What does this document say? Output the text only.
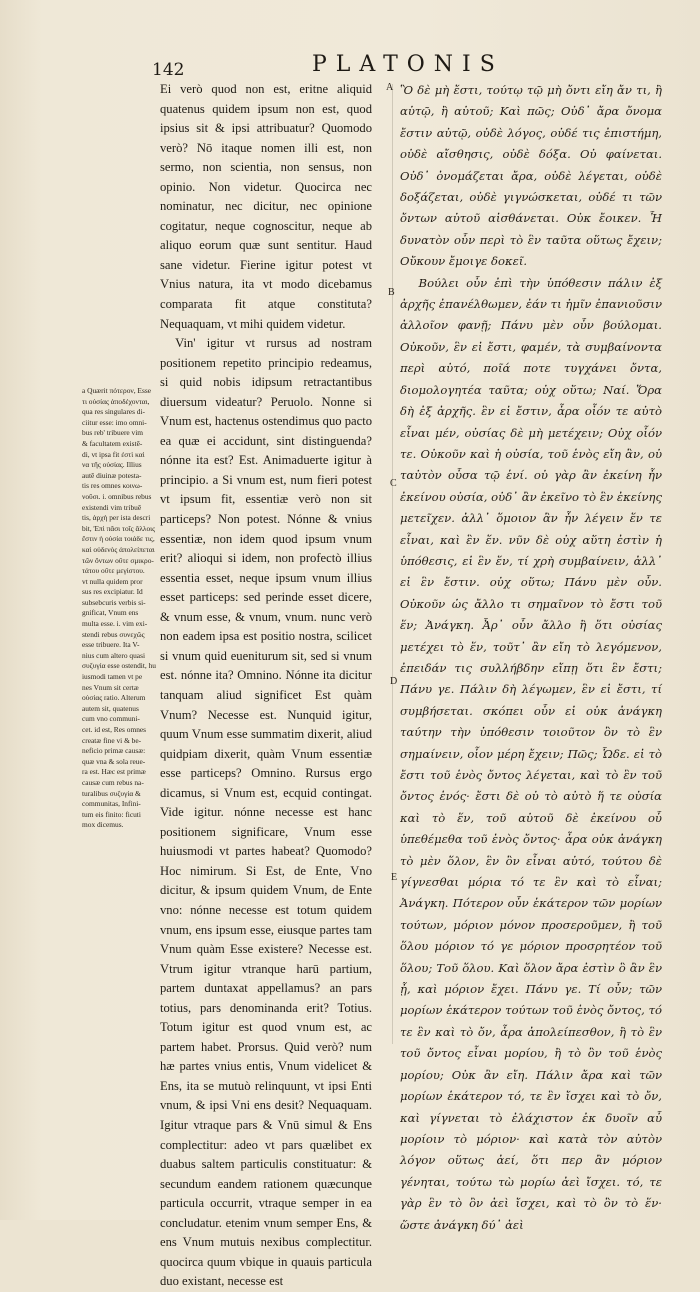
142	PLATONIS
a Quærit πότερον, Esse
τι οὐσίας ἀποδέχονται,
qua res singulares di-
ciitur esse: imo omni-
bus reb' tribuere vim
& facultatem existē-
di, vt ipsa fit ἐστὶ καὶ
να τῆς οὐσίας. Illius
autē diuinæ potesta-
tis res omnes κοινω-
νοῦσι. i. omnibus rebus
existendi vim tribuē
tis, ἀρχὴ per ista descri
bit, Ἐπὶ πᾶσι τοῖς ἄλλοις
ἔστιν ἡ οὐσία τοιάδε τις,
καὶ οὐδενὸς ἀπολείπεται
τῶν ὄντων οὔτε σμικρο-
τάτου οὔτε μεγίστου.
vt nulla quidem pror
sus res excipiatur. Id
subsebcuris verbis si-
gnificat, Vnum ens
multa esse. i. vim exi-
stendi rebus συνεχῶς
esse tribuere. Ita V-
nius cum altero quasi
συζυγία esse ostendit, hu
iusmodi tamen vt pe
nes Vnum sit certæ
οὐσίας ratio. Alterum
autem sit, quatenus
cum vno communi-
cet. id est, Res omnes
creatæ fine vi & be-
neficio primæ causæ:
quæ vna & sola reue-
ra est. Hæc est primæ
causæ cum rebus na-
turalibus συζυγία &
communitas, Infini-
tum eis finito: ficuti
mox dicemus.

Ei verò quod non est, eritne aliquid quatenus quidem ipsum non est, quod ipsius sit & ipsi attribuatur? Quomodo verò? Nō itaque nomen illi est, non sermo, non scientia, non sensus, non opinio. Non videtur. Quocirca nec nominatur, nec dicitur, nec opinione cogitatur, neque cognoscitur, neque ab aliquo eorum quæ sunt sentitur. Haud sane videtur. Fierine igitur potest vt Vnius natura, ita vt modo dicebamus comparata fit atque constituta? Nequaquam, vt mihi quidem videtur.

Vin' igitur vt rursus ad nostram positionem repetito principio redeamus, si quid nobis idipsum retractantibus diuersum videatur? Peruolo. Nonne si Vnum est, hactenus ostendimus quo pacto ea quæ ei accidunt, sint distinguenda? nónne ita est? Est. Animaduerte igitur à principio. a Si vnum est, num fieri potest vt ipsum fit, essentiæ verò non sit particeps? Non potest. Nónne & vnius essentiæ, non idem quod ipsum vnum erit? alioqui si idem, non profectò illius essentia esset, neque ipsum vnum illius esset particeps: sed perinde esset dicere, & vnum esse, & vnum, vnum. nunc verò non eadem ipsa est positio nostra, scilicet si vnum quid eueniturum sit, sed si vnum est. nónne ita? Omnino. Nónne ita dicitur tanquam aliud significet Est quàm Vnum? Necesse est. Nunquid igitur, quum Vnum esse summatim dixerit, aliud quidpiam dixerit, quàm Vnum essentiæ esse particeps? Omnino. Rursus ergo dicamus, si Vnum est, ecquid contingat. Vide igitur. nónne necesse est hanc positionem significare, Vnum esse huiusmodi vt partes habeat? Quomodo? Hoc nimirum. Si Est, de Ente, Vno dicitur, & ipsum quidem Vnum, de Ente vno: nónne necesse est totum quidem vnum, ens ipsum esse, eiusque partes tam Vnum quàm Esse existere? Necesse est. Vtrum igitur vtranque harū partium, partem duntaxat appellamus? an pars totius, pars denominanda erit? Totius. Totum igitur est quod vnum est, ac partem habet. Prorsus. Quid verò? num hæ partes vnius entis, Vnum videlicet & Ens, ita se mutuò relinquunt, vt ipsi Enti vnum, & ipsi Vni ens desit? Nequaquam. Igitur vtraque pars & Vnū simul & Ens complectitur: adeo vt pars quælibet ex duabus saltem particulis constituatur: & secundum eandem rationem quæcunque particula occurrit, vtraque semper in ea concludatur. etenim vnum semper Ens, & ens Vnum mutuis nexibus complectitur. quocirca quum vbique in quauis particula duo existant, necesse est

A
B
C
D
E

Ὃ δὲ μὴ ἔστι, τούτῳ τῷ μὴ ὄντι εἴη ἄν τι, ἢ αὐτῷ, ἢ αὐτοῦ; Καὶ πῶς; Οὐδ᾽ ἄρα ὄνομα ἔστιν αὐτῷ, οὐδὲ λόγος, οὐδέ τις ἐπιστήμη, οὐδὲ αἴσθησις, οὐδὲ δόξα. Οὐ φαίνεται. Οὐδ᾽ ὀνομάζεται ἄρα, οὐδὲ λέγεται, οὐδὲ δοξάζεται, οὐδὲ γιγνώσκεται, οὐδέ τι τῶν ὄντων αὐτοῦ αἰσθάνεται. Οὐκ ἔοικεν. Ἦ δυνατὸν οὖν περὶ τὸ ἓν ταῦτα οὕτως ἔχειν; Οὔκουν ἔμοιγε δοκεῖ.

Βούλει οὖν ἐπὶ τὴν ὑπόθεσιν πάλιν ἐξ ἀρχῆς ἐπανέλθωμεν, ἐάν τι ἡμῖν ἐπανιοῦσιν ἀλλοῖον φανῇ; Πάνυ μὲν οὖν βούλομαι. Οὐκοῦν, ἓν εἰ ἔστι, φαμέν, τὰ συμβαίνοντα περὶ αὐτό, ποῖά ποτε τυγχάνει ὄντα, διομολογητέα ταῦτα; οὐχ οὕτω; Ναί. Ὅρα δὴ ἐξ ἀρχῆς. ἓν εἰ ἔστιν, ἆρα οἷόν τε αὐτὸ εἶναι μέν, οὐσίας δὲ μὴ μετέχειν; Οὐχ οἷόν τε. Οὐκοῦν καὶ ἡ οὐσία, τοῦ ἑνὸς εἴη ἂν, οὐ ταὐτὸν οὖσα τῷ ἑνί. οὐ γὰρ ἂν ἐκείνη ἦν ἐκείνου οὐσία, οὐδ᾽ ἂν ἐκεῖνο τὸ ἓν ἐκείνης μετεῖχεν. ἀλλ᾽ ὅμοιον ἂν ἦν λέγειν ἕν τε εἶναι, καὶ ἓν ἕν. νῦν δὲ οὐχ αὕτη ἐστὶν ἡ ὑπόθεσις, εἰ ἓν ἕν, τί χρὴ συμβαίνειν, ἀλλ᾽ εἰ ἓν ἔστιν. οὐχ οὕτω; Πάνυ μὲν οὖν. Οὐκοῦν ὡς ἄλλο τι σημαῖνον τὸ ἔστι τοῦ ἕν; Ἀνάγκη. Ἆρ᾽ οὖν ἄλλο ἢ ὅτι οὐσίας μετέχει τὸ ἕν, τοῦτ᾽ ἂν εἴη τὸ λεγόμενον, ἐπειδάν τις συλλήβδην εἴπῃ ὅτι ἓν ἔστι; Πάνυ γε. Πάλιν δὴ λέγωμεν, ἓν εἰ ἔστι, τί συμβήσεται. σκόπει οὖν εἰ οὐκ ἀνάγκη ταύτην τὴν ὑπόθεσιν τοιοῦτον ὂν τὸ ἓν σημαίνειν, οἷον μέρη ἔχειν; Πῶς; Ὧδε. εἰ τὸ ἔστι τοῦ ἑνὸς ὄντος λέγεται, καὶ τὸ ἓν τοῦ ὄντος ἑνός· ἔστι δὲ οὐ τὸ αὐτὸ ἥ τε οὐσία καὶ τὸ ἕν, τοῦ αὐτοῦ δὲ ἐκείνου οὗ ὑπεθέμεθα τοῦ ἑνὸς ὄντος· ἆρα οὐκ ἀνάγκη τὸ μὲν ὅλον, ἓν ὂν εἶναι αὐτό, τούτου δὲ γίγνεσθαι μόρια τό τε ἓν καὶ τὸ εἶναι; Ἀνάγκη. Πότερον οὖν ἑκάτερον τῶν μορίων τούτων, μόριον μόνον προσεροῦμεν, ἢ τοῦ ὅλου μόριον τό γε μόριον προσρητέον τοῦ ὅλου; Τοῦ ὅλου. Καὶ ὅλον ἄρα ἐστὶν ὃ ἂν ἓν ᾖ, καὶ μόριον ἔχει. Πάνυ γε. Τί οὖν; τῶν μορίων ἑκάτερον τούτων τοῦ ἑνὸς ὄντος, τό τε ἓν καὶ τὸ ὄν, ἆρα ἀπολείπεσθον, ἢ τὸ ἓν τοῦ ὄντος εἶναι μορίου, ἢ τὸ ὂν τοῦ ἑνὸς μορίου; Οὐκ ἂν εἴη. Πάλιν ἄρα καὶ τῶν μορίων ἑκάτερον τό, τε ἓν ἴσχει καὶ τὸ ὄν, καὶ γίγνεται τὸ ἐλάχιστον ἐκ δυοῖν αὖ μορίοιν τὸ μόριον· καὶ κατὰ τὸν αὐτὸν λόγον οὕτως ἀεί, ὅτι περ ἂν μόριον γένηται, τούτω τὼ μορίω ἀεὶ ἴσχει. τό, τε γὰρ ἓν τὸ ὂν ἀεὶ ἴσχει, καὶ τὸ ὂν τὸ ἕν· ὥστε ἀνάγκη δύ᾽ ἀεὶ
